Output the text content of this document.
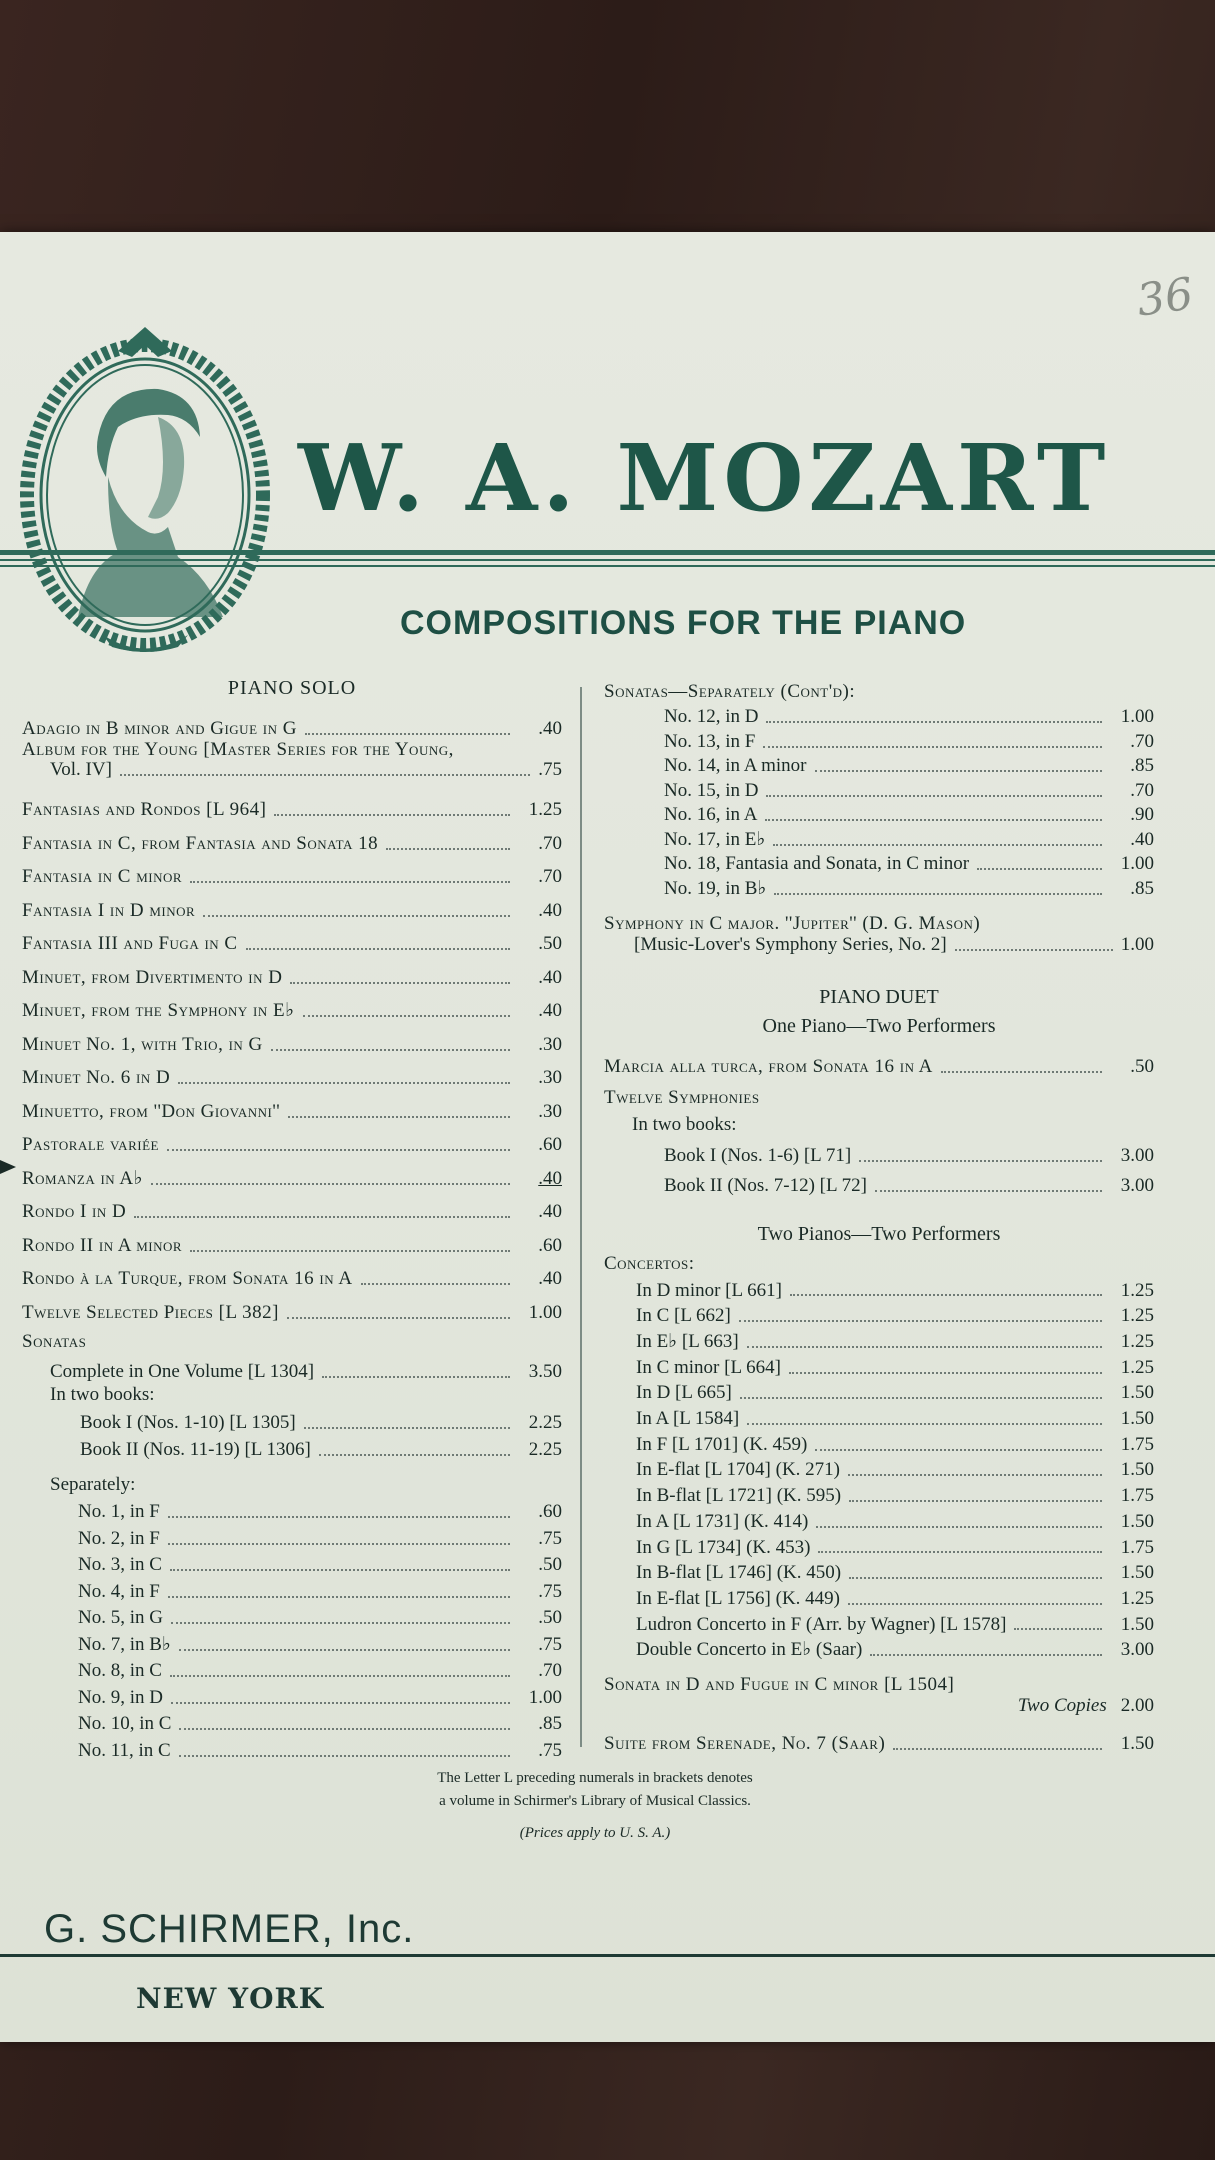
36
W. A. MOZART
COMPOSITIONS FOR THE PIANO
PIANO SOLO
Adagio in B minor and Gigue in G	.40
Album for the Young [Master Series for the Young,
Vol. IV]	.75
Fantasias and Rondos [L 964]	1.25
Fantasia in C, from Fantasia and Sonata 18	.70
Fantasia in C minor	.70
Fantasia I in D minor	.40
Fantasia III and Fuga in C	.50
Minuet, from Divertimento in D	.40
Minuet, from the Symphony in E♭	.40
Minuet No. 1, with Trio, in G	.30
Minuet No. 6 in D	.30
Minuetto, from ''Don Giovanni''	.30
Pastorale variée	.60
Romanza in A♭	.40
Rondo I in D	.40
Rondo II in A minor	.60
Rondo à la Turque, from Sonata 16 in A	.40
Twelve Selected Pieces [L 382]	1.00
Sonatas
Complete in One Volume [L 1304]	3.50
In two books:
Book I (Nos. 1-10) [L 1305]	2.25
Book II (Nos. 11-19) [L 1306]	2.25
Separately:
No. 1, in F	.60
No. 2, in F	.75
No. 3, in C	.50
No. 4, in F	.75
No. 5, in G	.50
No. 7, in B♭	.75
No. 8, in C	.70
No. 9, in D	1.00
No. 10, in C	.85
No. 11, in C	.75
Sonatas—Separately (Cont'd):
No. 12, in D	1.00
No. 13, in F	.70
No. 14, in A minor	.85
No. 15, in D	.70
No. 16, in A	.90
No. 17, in E♭	.40
No. 18, Fantasia and Sonata, in C minor	1.00
No. 19, in B♭	.85
Symphony in C major. ''Jupiter'' (D. G. Mason)
[Music-Lover's Symphony Series, No. 2]	1.00
PIANO DUET
One Piano—Two Performers
Marcia alla turca, from Sonata 16 in A	.50
Twelve Symphonies
In two books:
Book I (Nos. 1-6) [L 71]	3.00
Book II (Nos. 7-12) [L 72]	3.00
Two Pianos—Two Performers
Concertos:
In D minor [L 661]	1.25
In C [L 662]	1.25
In E♭ [L 663]	1.25
In C minor [L 664]	1.25
In D [L 665]	1.50
In A [L 1584]	1.50
In F [L 1701] (K. 459)	1.75
In E-flat [L 1704] (K. 271)	1.50
In B-flat [L 1721] (K. 595)	1.75
In A [L 1731] (K. 414)	1.50
In G [L 1734] (K. 453)	1.75
In B-flat [L 1746] (K. 450)	1.50
In E-flat [L 1756] (K. 449)	1.25
Ludron Concerto in F (Arr. by Wagner) [L 1578]	1.50
Double Concerto in E♭ (Saar)	3.00
Sonata in D and Fugue in C minor [L 1504]
Two Copies 2.00
Suite from Serenade, No. 7 (Saar)	1.50
The Letter L preceding numerals in brackets denotes
a volume in Schirmer's Library of Musical Classics.
(Prices apply to U. S. A.)
G. SCHIRMER, Inc.
NEW YORK
